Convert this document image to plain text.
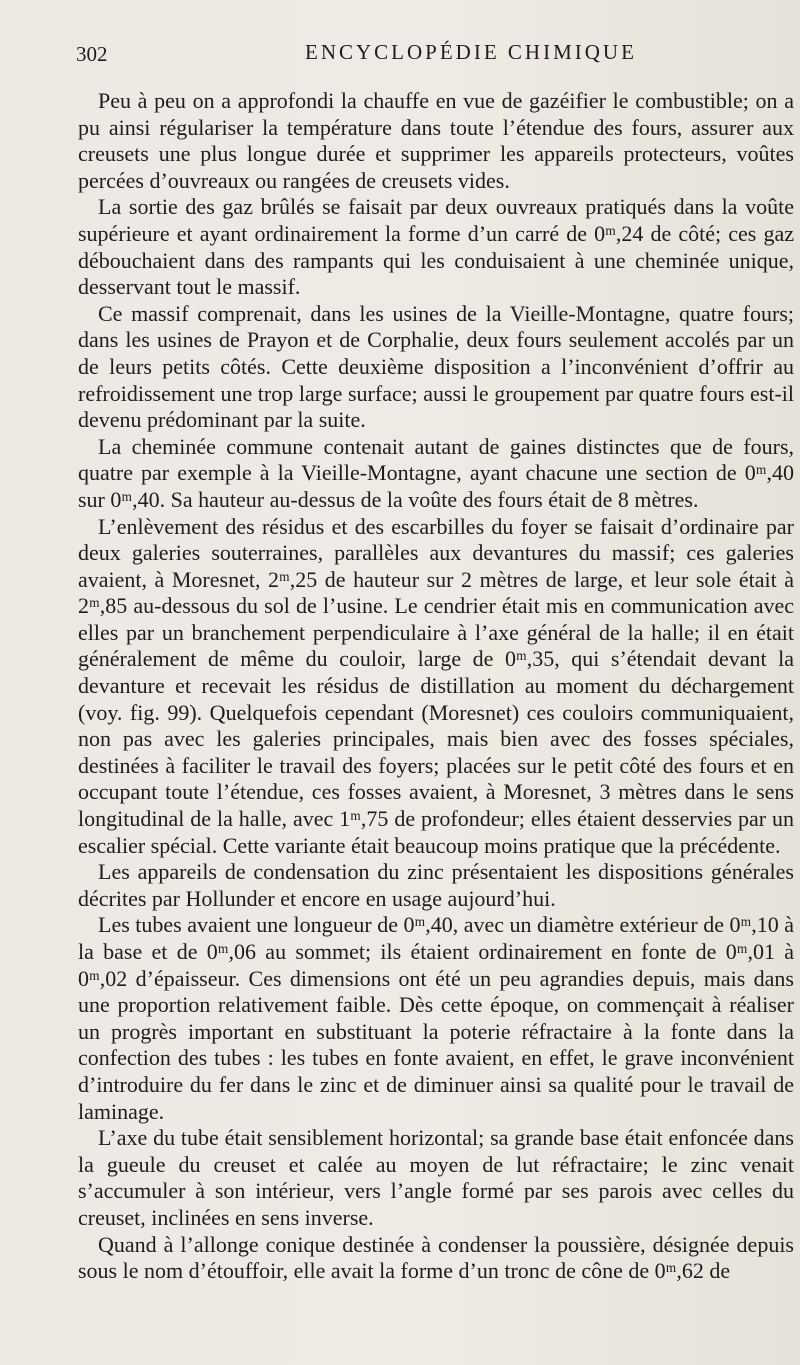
302	ENCYCLOPÉDIE CHIMIQUE

Peu à peu on a approfondi la chauffe en vue de gazéifier le combustible; on a pu ainsi régulariser la température dans toute l’étendue des fours, assurer aux creusets une plus longue durée et supprimer les appareils protecteurs, voûtes percées d’ouvreaux ou rangées de creusets vides.

La sortie des gaz brûlés se faisait par deux ouvreaux pratiqués dans la voûte supérieure et ayant ordinairement la forme d’un carré de 0ᵐ,24 de côté; ces gaz débouchaient dans des rampants qui les conduisaient à une cheminée unique, desservant tout le massif.

Ce massif comprenait, dans les usines de la Vieille-Montagne, quatre fours; dans les usines de Prayon et de Corphalie, deux fours seulement accolés par un de leurs petits côtés. Cette deuxième disposition a l’inconvénient d’offrir au refroidissement une trop large surface; aussi le groupement par quatre fours est-il devenu prédominant par la suite.

La cheminée commune contenait autant de gaines distinctes que de fours, quatre par exemple à la Vieille-Montagne, ayant chacune une section de 0ᵐ,40 sur 0ᵐ,40. Sa hauteur au-dessus de la voûte des fours était de 8 mètres.

L’enlèvement des résidus et des escarbilles du foyer se faisait d’ordinaire par deux galeries souterraines, parallèles aux devantures du massif; ces galeries avaient, à Moresnet, 2ᵐ,25 de hauteur sur 2 mètres de large, et leur sole était à 2ᵐ,85 au-dessous du sol de l’usine. Le cendrier était mis en communication avec elles par un branchement perpendiculaire à l’axe général de la halle; il en était généralement de même du couloir, large de 0ᵐ,35, qui s’étendait devant la devanture et recevait les résidus de distillation au moment du déchargement (voy. fig. 99). Quelquefois cependant (Moresnet) ces couloirs communiquaient, non pas avec les galeries principales, mais bien avec des fosses spéciales, destinées à faciliter le travail des foyers; placées sur le petit côté des fours et en occupant toute l’étendue, ces fosses avaient, à Moresnet, 3 mètres dans le sens longitudinal de la halle, avec 1ᵐ,75 de profondeur; elles étaient desservies par un escalier spécial. Cette variante était beaucoup moins pratique que la précédente.

Les appareils de condensation du zinc présentaient les dispositions générales décrites par Hollunder et encore en usage aujourd’hui.

Les tubes avaient une longueur de 0ᵐ,40, avec un diamètre extérieur de 0ᵐ,10 à la base et de 0ᵐ,06 au sommet; ils étaient ordinairement en fonte de 0ᵐ,01 à 0ᵐ,02 d’épaisseur. Ces dimensions ont été un peu agrandies depuis, mais dans une proportion relativement faible. Dès cette époque, on commençait à réaliser un progrès important en substituant la poterie réfractaire à la fonte dans la confection des tubes : les tubes en fonte avaient, en effet, le grave inconvénient d’introduire du fer dans le zinc et de diminuer ainsi sa qualité pour le travail de laminage.

L’axe du tube était sensiblement horizontal; sa grande base était enfoncée dans la gueule du creuset et calée au moyen de lut réfractaire; le zinc venait s’accumuler à son intérieur, vers l’angle formé par ses parois avec celles du creuset, inclinées en sens inverse.

Quand à l’allonge conique destinée à condenser la poussière, désignée depuis sous le nom d’étouffoir, elle avait la forme d’un tronc de cône de 0ᵐ,62 de
